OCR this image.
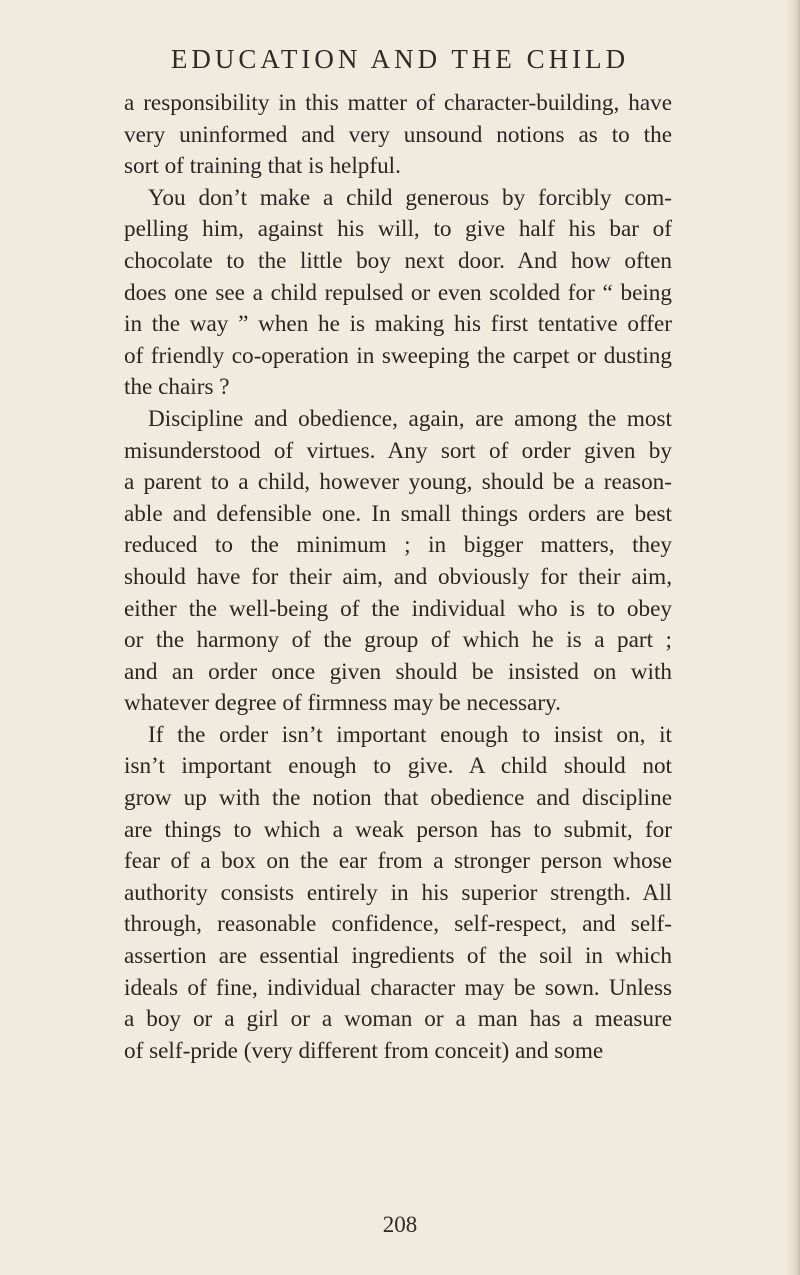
EDUCATION AND THE CHILD
a responsibility in this matter of character-building, have
very uninformed and very unsound notions as to the
sort of training that is helpful.
You don’t make a child generous by forcibly com-
pelling him, against his will, to give half his bar of
chocolate to the little boy next door. And how often
does one see a child repulsed or even scolded for “ being
in the way ” when he is making his first tentative offer
of friendly co-operation in sweeping the carpet or dusting
the chairs ?
Discipline and obedience, again, are among the most
misunderstood of virtues. Any sort of order given by
a parent to a child, however young, should be a reason-
able and defensible one. In small things orders are best
reduced to the minimum ; in bigger matters, they
should have for their aim, and obviously for their aim,
either the well-being of the individual who is to obey
or the harmony of the group of which he is a part ;
and an order once given should be insisted on with
whatever degree of firmness may be necessary.
If the order isn’t important enough to insist on, it
isn’t important enough to give. A child should not
grow up with the notion that obedience and discipline
are things to which a weak person has to submit, for
fear of a box on the ear from a stronger person whose
authority consists entirely in his superior strength. All
through, reasonable confidence, self-respect, and self-
assertion are essential ingredients of the soil in which
ideals of fine, individual character may be sown. Unless
a boy or a girl or a woman or a man has a measure
of self-pride (very different from conceit) and some
208
